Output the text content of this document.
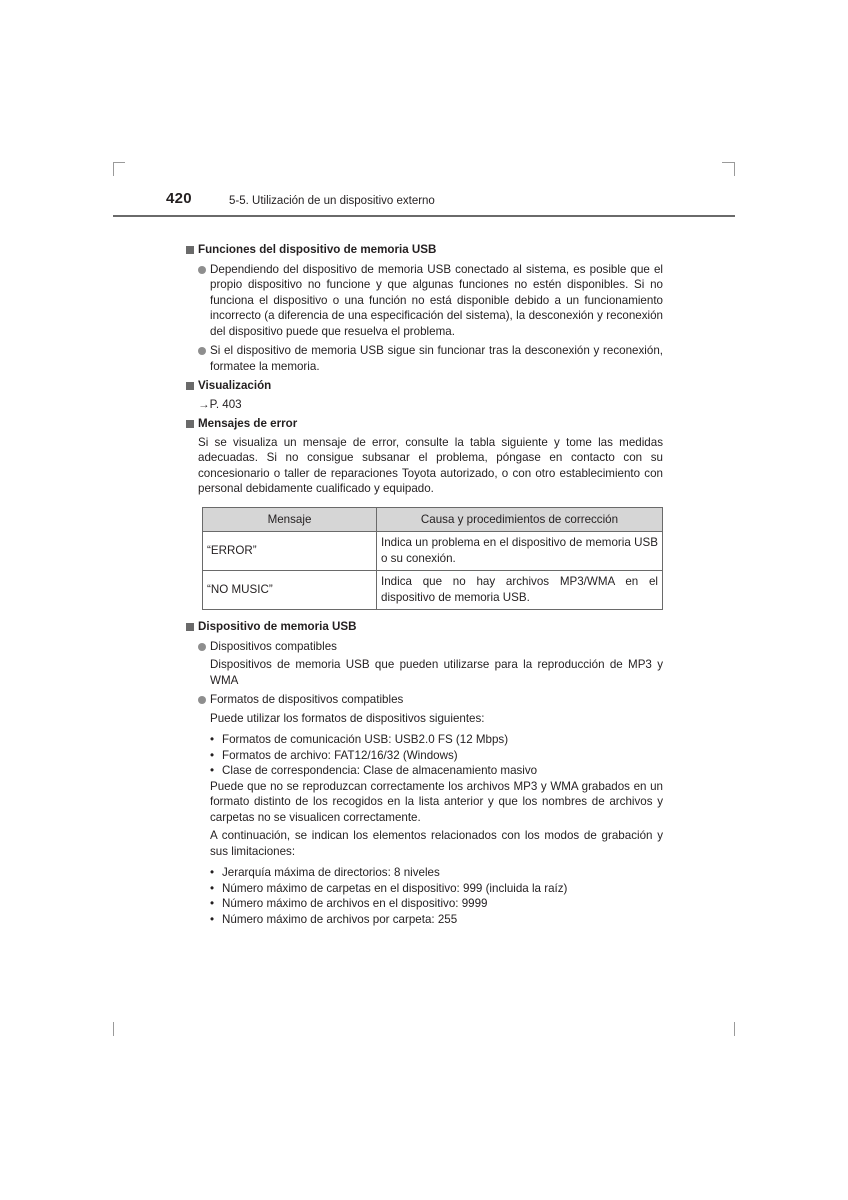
420	5-5. Utilización de un dispositivo externo
Funciones del dispositivo de memoria USB
Dependiendo del dispositivo de memoria USB conectado al sistema, es posible que el propio dispositivo no funcione y que algunas funciones no estén disponibles. Si no funciona el dispositivo o una función no está disponible debido a un funcionamiento incorrecto (a diferencia de una especificación del sistema), la desconexión y reconexión del dispositivo puede que resuelva el problema.
Si el dispositivo de memoria USB sigue sin funcionar tras la desconexión y reconexión, formatee la memoria.
Visualización
→P. 403
Mensajes de error
Si se visualiza un mensaje de error, consulte la tabla siguiente y tome las medidas adecuadas. Si no consigue subsanar el problema, póngase en contacto con su concesionario o taller de reparaciones Toyota autorizado, o con otro establecimiento con personal debidamente cualificado y equipado.
Mensaje	Causa y procedimientos de corrección
“ERROR”	Indica un problema en el dispositivo de memoria USB o su conexión.
“NO MUSIC”	Indica que no hay archivos MP3/WMA en el dispositivo de memoria USB.
Dispositivo de memoria USB
Dispositivos compatibles
Dispositivos de memoria USB que pueden utilizarse para la reproducción de MP3 y WMA
Formatos de dispositivos compatibles
Puede utilizar los formatos de dispositivos siguientes:
• Formatos de comunicación USB: USB2.0 FS (12 Mbps)
• Formatos de archivo: FAT12/16/32 (Windows)
• Clase de correspondencia: Clase de almacenamiento masivo
Puede que no se reproduzcan correctamente los archivos MP3 y WMA grabados en un formato distinto de los recogidos en la lista anterior y que los nombres de archivos y carpetas no se visualicen correctamente.
A continuación, se indican los elementos relacionados con los modos de grabación y sus limitaciones:
• Jerarquía máxima de directorios: 8 niveles
• Número máximo de carpetas en el dispositivo: 999 (incluida la raíz)
• Número máximo de archivos en el dispositivo: 9999
• Número máximo de archivos por carpeta: 255
